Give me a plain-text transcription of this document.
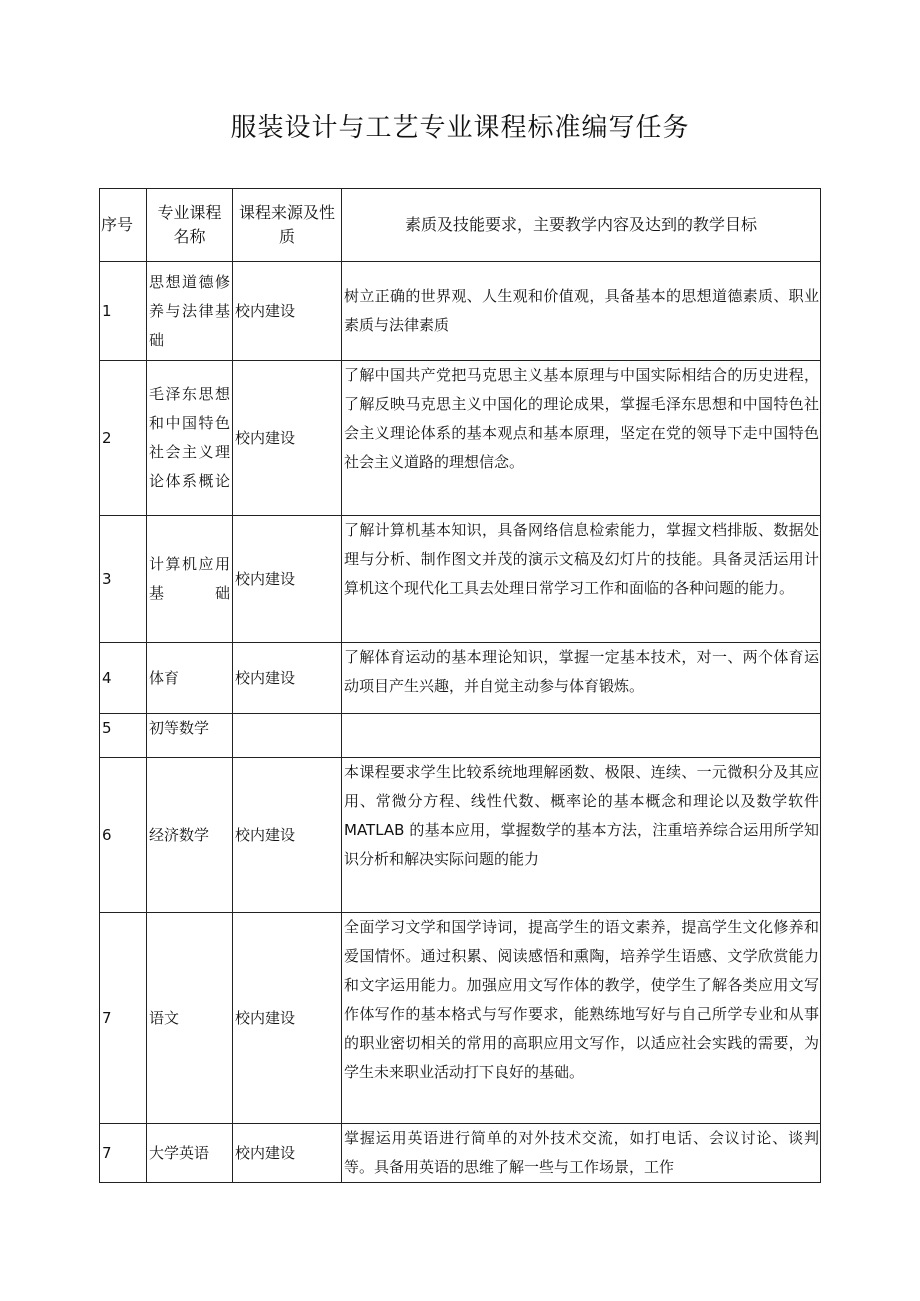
服装设计与工艺专业课程标准编写任务
序号	专业课程名称	课程来源及性质	素质及技能要求，主要教学内容及达到的教学目标
1	思想道德修养与法律基础	校内建设	树立正确的世界观、人生观和价值观，具备基本的思想道德素质、职业素质与法律素质
2	毛泽东思想和中国特色社会主义理论体系概论	校内建设	了解中国共产党把马克思主义基本原理与中国实际相结合的历史进程，了解反映马克思主义中国化的理论成果，掌握毛泽东思想和中国特色社会主义理论体系的基本观点和基本原理，坚定在党的领导下走中国特色社会主义道路的理想信念。
3	计算机应用基础	校内建设	了解计算机基本知识，具备网络信息检索能力，掌握文档排版、数据处理与分析、制作图文并茂的演示文稿及幻灯片的技能。具备灵活运用计算机这个现代化工具去处理日常学习工作和面临的各种问题的能力。
4	体育	校内建设	了解体育运动的基本理论知识，掌握一定基本技术，对一、两个体育运动项目产生兴趣，并自觉主动参与体育锻炼。
5	初等数学		
6	经济数学	校内建设	本课程要求学生比较系统地理解函数、极限、连续、一元微积分及其应用、常微分方程、线性代数、概率论的基本概念和理论以及数学软件 MATLAB 的基本应用，掌握数学的基本方法，注重培养综合运用所学知识分析和解决实际问题的能力
7	语文	校内建设	全面学习文学和国学诗词，提高学生的语文素养，提高学生文化修养和爱国情怀。通过积累、阅读感悟和熏陶，培养学生语感、文学欣赏能力和文字运用能力。加强应用文写作体的教学，使学生了解各类应用文写作体写作的基本格式与写作要求，能熟练地写好与自己所学专业和从事的职业密切相关的常用的高职应用文写作，以适应社会实践的需要，为学生未来职业活动打下良好的基础。
7	大学英语	校内建设	掌握运用英语进行简单的对外技术交流，如打电话、会议讨论、谈判等。具备用英语的思维了解一些与工作场景，工作
